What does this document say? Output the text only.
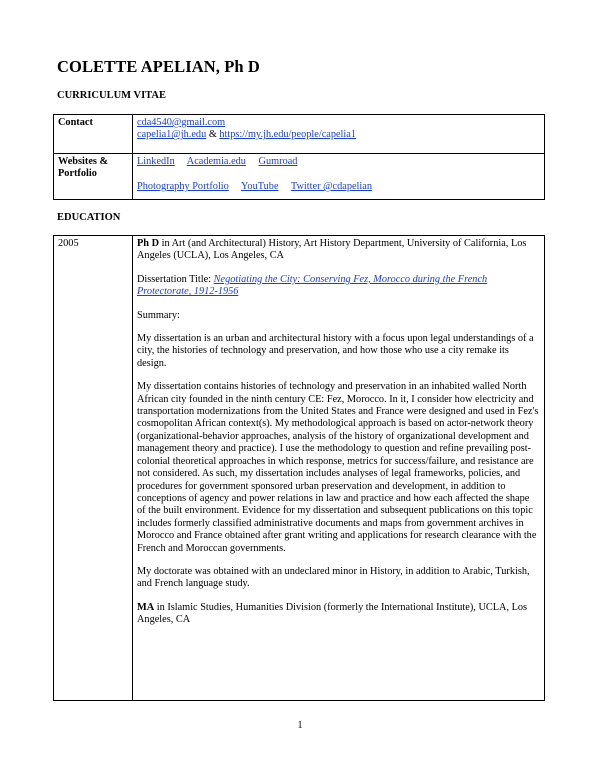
COLETTE APELIAN, Ph D
CURRICULUM VITAE
Contact	cda4540@gmail.com
capelia1@jh.edu & https://my.jh.edu/people/capelia1
Websites & Portfolio	LinkedIn Academia.edu Gumroad
Photography Portfolio YouTube Twitter @cdapelian
EDUCATION
2005	Ph D in Art (and Architectural) History, Art History Department, University of California, Los Angeles (UCLA), Los Angeles, CA
Dissertation Title: Negotiating the City: Conserving Fez, Morocco during the French Protectorate, 1912-1956
Summary:
My dissertation is an urban and architectural history with a focus upon legal understandings of a city, the histories of technology and preservation, and how those who use a city remake its design.
My dissertation contains histories of technology and preservation in an inhabited walled North African city founded in the ninth century CE: Fez, Morocco. In it, I consider how electricity and transportation modernizations from the United States and France were designed and used in Fez's cosmopolitan African context(s). My methodological approach is based on actor-network theory (organizational-behavior approaches, analysis of the history of organizational development and management theory and practice). I use the methodology to question and refine prevailing post-colonial theoretical approaches in which response, metrics for success/failure, and resistance are not considered. As such, my dissertation includes analyses of legal frameworks, policies, and procedures for government sponsored urban preservation and development, in addition to conceptions of agency and power relations in law and practice and how each affected the shape of the built environment. Evidence for my dissertation and subsequent publications on this topic includes formerly classified administrative documents and maps from government archives in Morocco and France obtained after grant writing and applications for research clearance with the French and Moroccan governments.
My doctorate was obtained with an undeclared minor in History, in addition to Arabic, Turkish, and French language study.
MA in Islamic Studies, Humanities Division (formerly the International Institute), UCLA, Los Angeles, CA
1
